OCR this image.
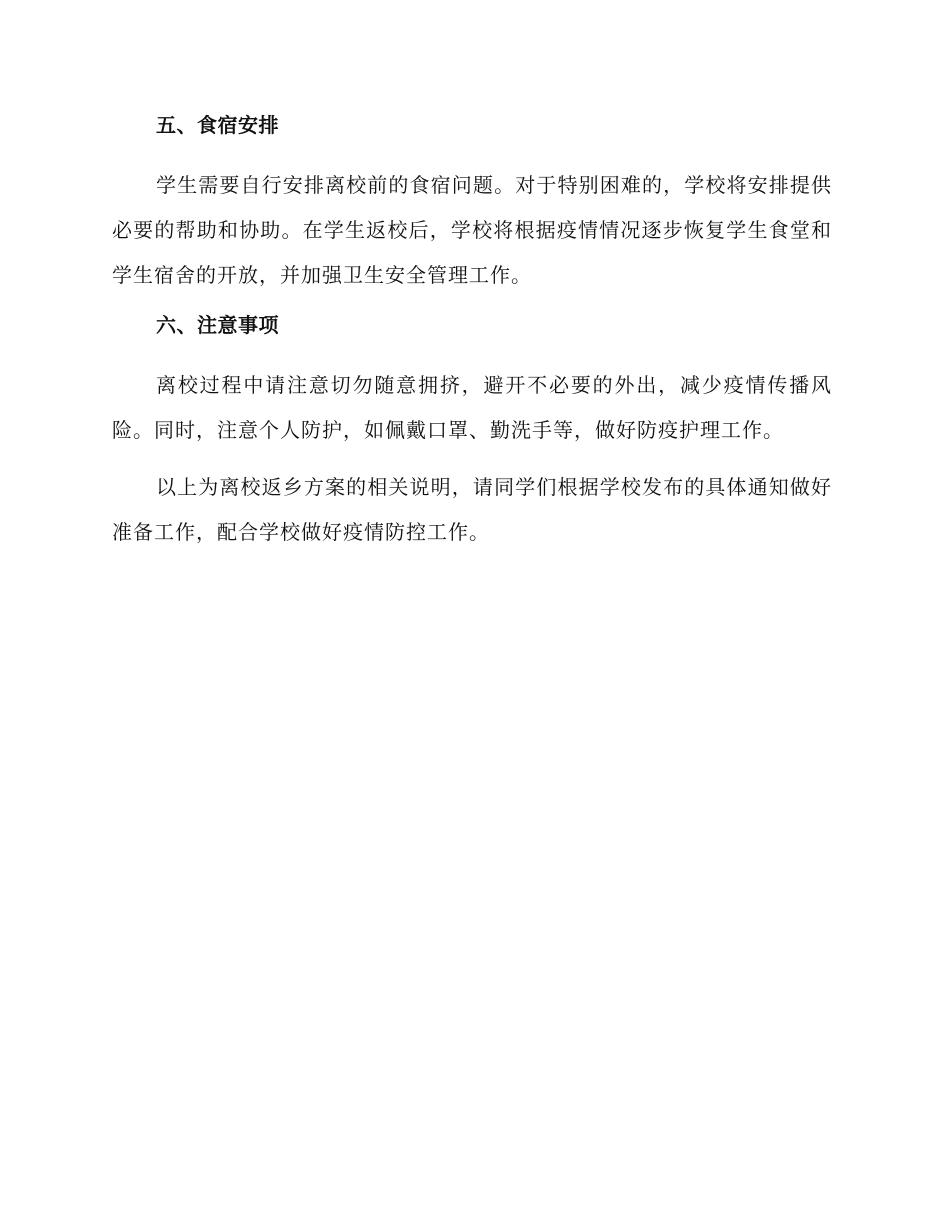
五、食宿安排

学生需要自行安排离校前的食宿问题。对于特别困难的，学校将安排提供必要的帮助和协助。在学生返校后，学校将根据疫情情况逐步恢复学生食堂和学生宿舍的开放，并加强卫生安全管理工作。

六、注意事项

离校过程中请注意切勿随意拥挤，避开不必要的外出，减少疫情传播风险。同时，注意个人防护，如佩戴口罩、勤洗手等，做好防疫护理工作。

以上为离校返乡方案的相关说明，请同学们根据学校发布的具体通知做好准备工作，配合学校做好疫情防控工作。
